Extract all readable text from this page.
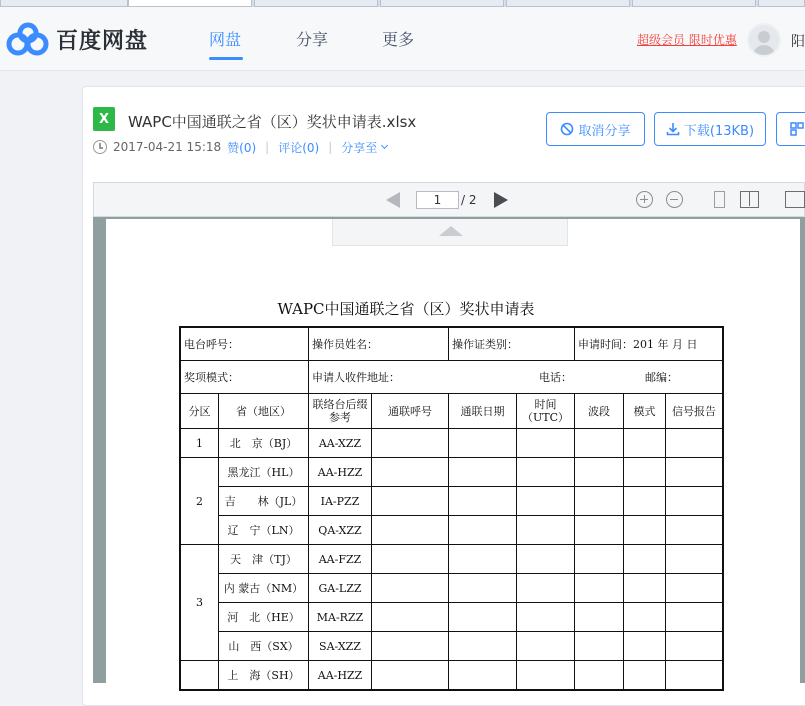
百度网盘	网盘	分享	更多	超级会员 限时优惠	阳
X	WAPC中国通联之省（区）奖状申请表.xlsx
2017-04-21 15:18 赞(0) | 评论(0) | 分享至
取消分享	下载(13KB)
1	/ 2
WAPC中国通联之省（区）奖状申请表
电台呼号：		操作员姓名：		操作证类别：		申请时间：201 年 月 日		
奖项模式：		申请人收件地址： 电话： 邮编：						

分区	省（地区）	联络台后缀参考	通联呼号	通联日期	时间（UTC）	波段	模式	信号报告
1	北　京（BJ）	AA-XZZ						
2	黑龙江（HL）	AA-HZZ						
	吉　　林（JL）	IA-PZZ						
	辽　宁（LN）	QA-XZZ						
3	天　津（TJ）	AA-FZZ						
	内 蒙古（NM）	GA-LZZ						
	河　北（HE）	MA-RZZ						
	山　西（SX）	SA-XZZ						
	上　海（SH）	AA-HZZ						
